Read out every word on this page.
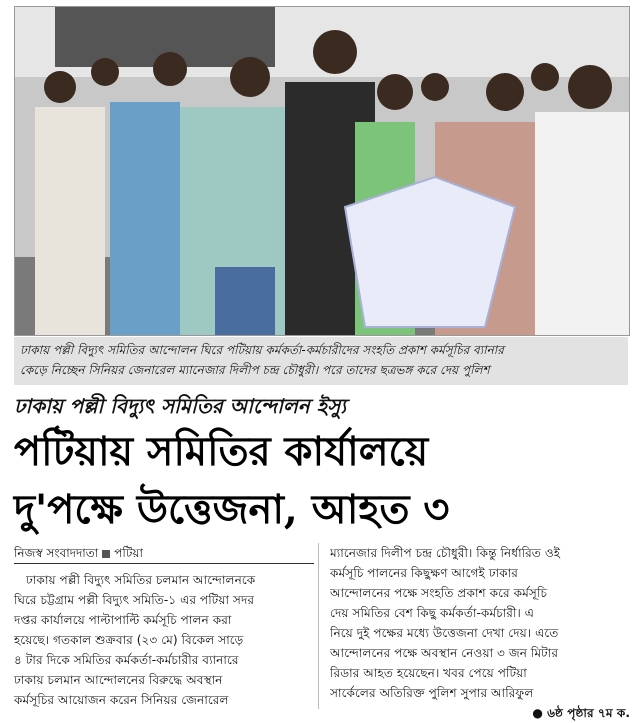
ঢাকায় পল্লী বিদ্যুৎ সমিতির আন্দোলন ঘিরে পটিয়ায় কর্মকর্তা-কর্মচারীদের সংহতি প্রকাশ কর্মসূচির ব্যানার

কেড়ে নিচ্ছেন সিনিয়র জেনারেল ম্যানেজার দিলীপ চন্দ্র চৌধুরী। পরে তাদের ছত্রভঙ্গ করে দেয় পুলিশ

ঢাকায় পল্লী বিদ্যুৎ সমিতির আন্দোলন ইস্যু
পটিয়ায় সমিতির কার্যালয়ে
দু'পক্ষে উত্তেজনা, আহত ৩
নিজস্ব সংবাদদাতা পটিয়া

ঢাকায় পল্লী বিদ্যুৎ সমিতির চলমান আন্দোলনকে

ঘিরে চট্টগ্রাম পল্লী বিদ্যুৎ সমিতি-১ এর পটিয়া সদর

দপ্তর কার্যালয়ে পাল্টাপাল্টি কর্মসূচি পালন করা

হয়েছে। গতকাল শুক্রবার (২৩ মে) বিকেল সাড়ে

৪ টার দিকে সমিতির কর্মকর্তা-কর্মচারীর ব্যানারে

ঢাকায় চলমান আন্দোলনের বিরুদ্ধে অবস্থান

কর্মসূচির আয়োজন করেন সিনিয়র জেনারেল

ম্যানেজার দিলীপ চন্দ্র চৌধুরী। কিন্তু নির্ধারিত ওই

কর্মসূচি পালনের কিছুক্ষণ আগেই ঢাকার

আন্দোলনের পক্ষে সংহতি প্রকাশ করে কর্মসূচি

দেয় সমিতির বেশ কিছু কর্মকর্তা-কর্মচারী। এ

নিয়ে দুই পক্ষের মধ্যে উত্তেজনা দেখা দেয়। এতে

আন্দোলনের পক্ষে অবস্থান নেওয়া ৩ জন মিটার

রিডার আহত হয়েছেন। খবর পেয়ে পটিয়া

সার্কেলের অতিরিক্ত পুলিশ সুপার আরিফুল

● ৬ষ্ঠ পৃষ্ঠার ৭ম ক.
